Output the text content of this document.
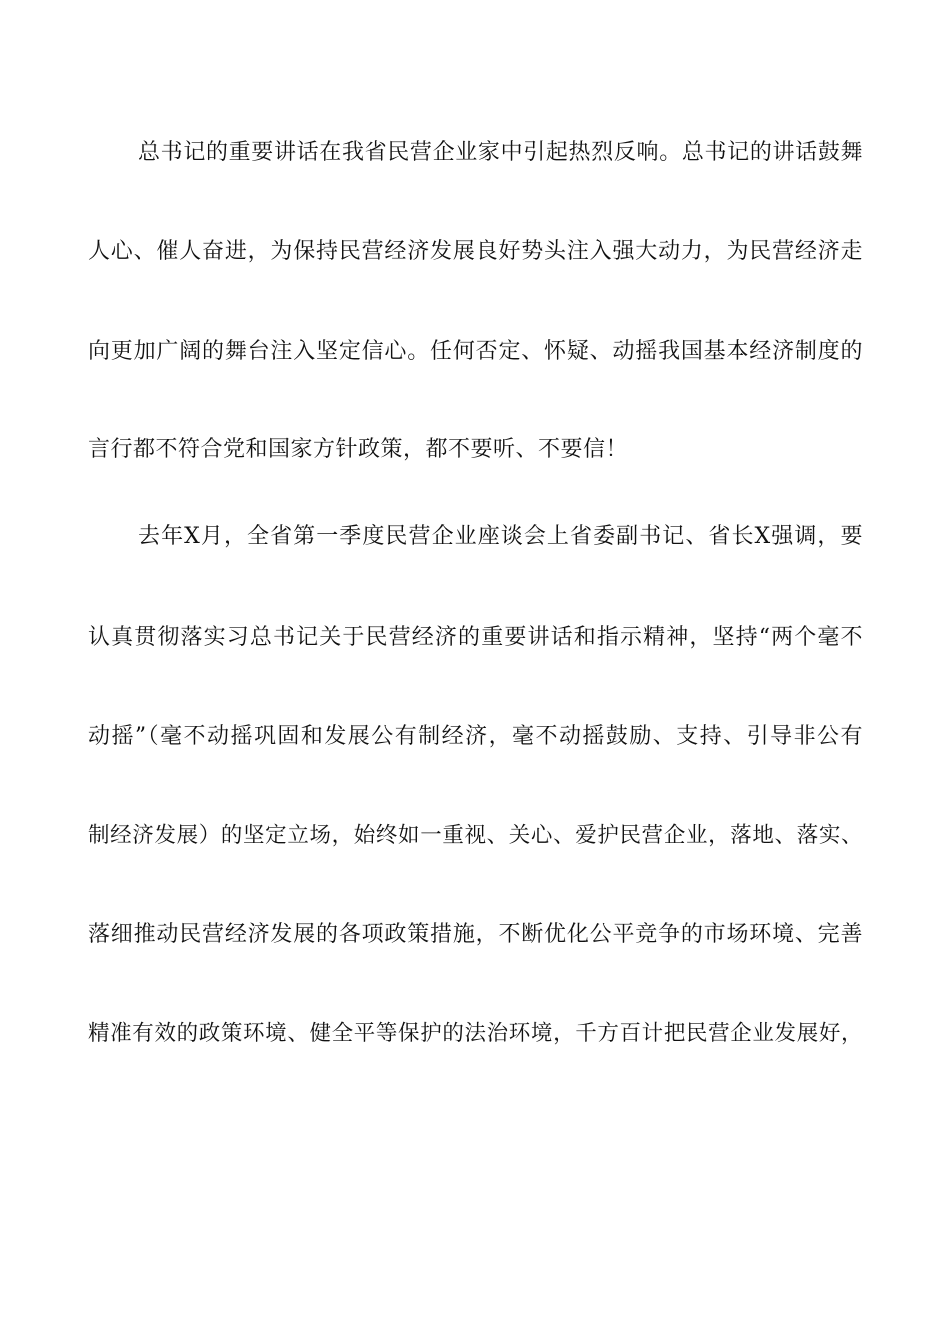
总书记的重要讲话在我省民营企业家中引起热烈反响。总书记的讲话鼓舞
人心、催人奋进，为保持民营经济发展良好势头注入强大动力，为民营经济走
向更加广阔的舞台注入坚定信心。任何否定、怀疑、动摇我国基本经济制度的
言行都不符合党和国家方针政策，都不要听、不要信！
去年X月，全省第一季度民营企业座谈会上省委副书记、省长X强调，要
认真贯彻落实习总书记关于民营经济的重要讲话和指示精神，坚持“两个毫不
动摇”（毫不动摇巩固和发展公有制经济，毫不动摇鼓励、支持、引导非公有
制经济发展）的坚定立场，始终如一重视、关心、爱护民营企业，落地、落实、
落细推动民营经济发展的各项政策措施，不断优化公平竞争的市场环境、完善
精准有效的政策环境、健全平等保护的法治环境，千方百计把民营企业发展好，
